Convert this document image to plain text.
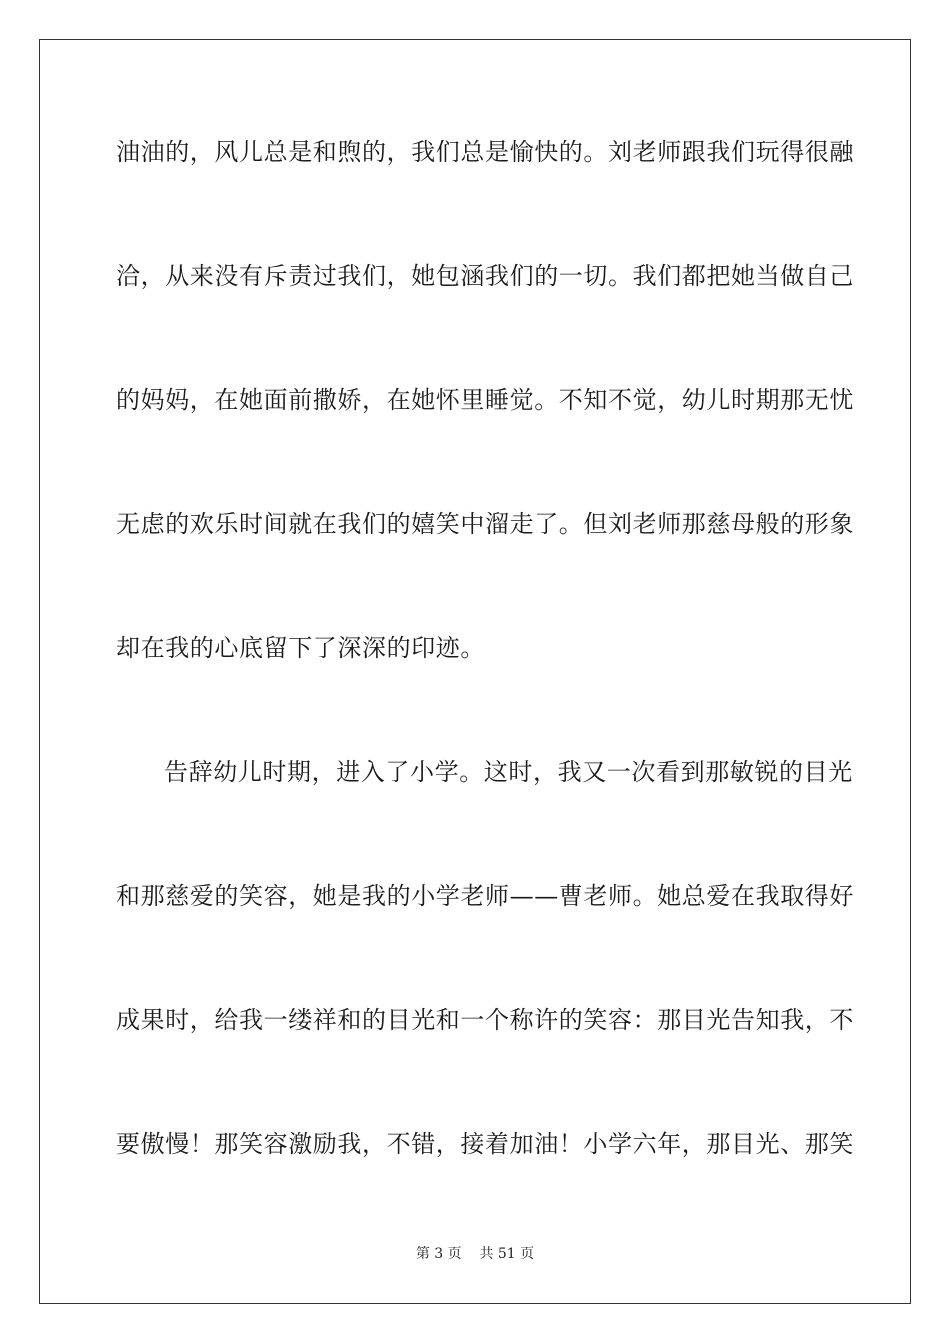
油油的，风儿总是和煦的，我们总是愉快的。刘老师跟我们玩得很融
洽，从来没有斥责过我们，她包涵我们的一切。我们都把她当做自己
的妈妈，在她面前撒娇，在她怀里睡觉。不知不觉，幼儿时期那无忧
无虑的欢乐时间就在我们的嬉笑中溜走了。但刘老师那慈母般的形象
却在我的心底留下了深深的印迹。
告辞幼儿时期，进入了小学。这时，我又一次看到那敏锐的目光
和那慈爱的笑容，她是我的小学老师——曹老师。她总爱在我取得好
成果时，给我一缕祥和的目光和一个称许的笑容：那目光告知我，不
要傲慢！那笑容激励我，不错，接着加油！小学六年，那目光、那笑
第 3 页 共 51 页
